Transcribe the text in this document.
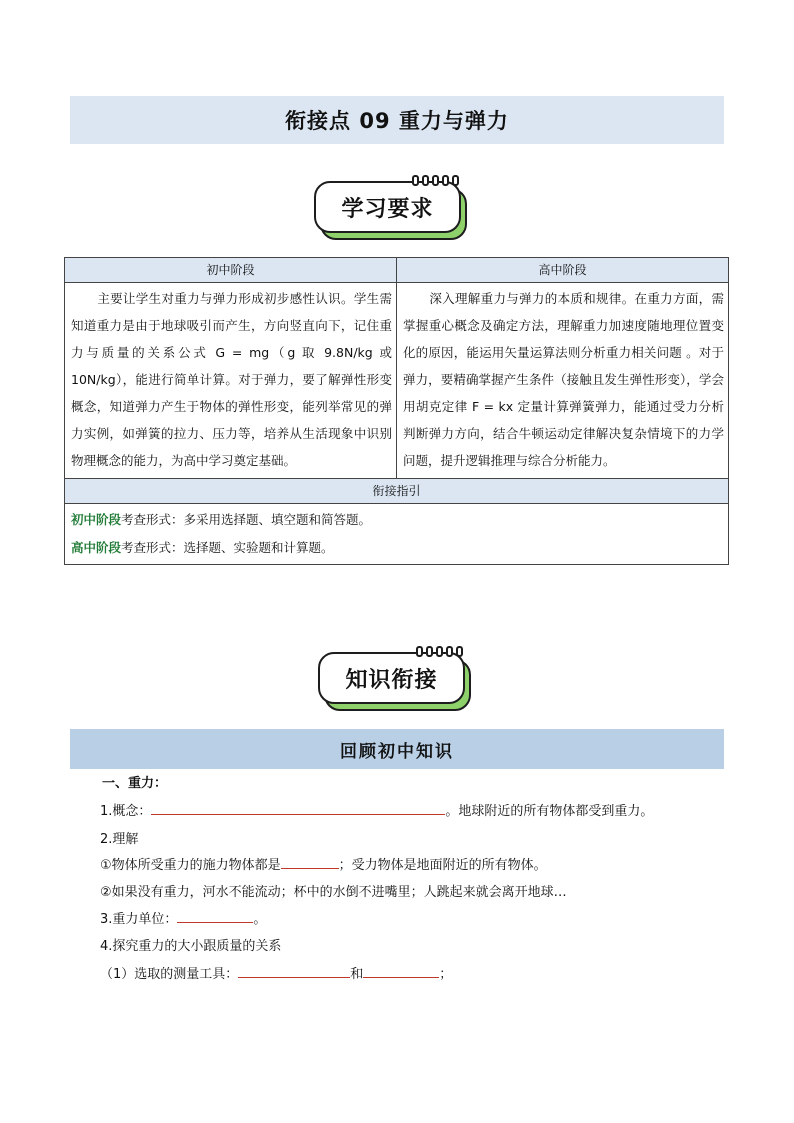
衔接点 09 重力与弹力
学习要求
初中阶段	高中阶段
主要让学生对重力与弹力形成初步感性认识。学生需知道重力是由于地球吸引而产生，方向竖直向下，记住重力与质量的关系公式 G = mg（g 取 9.8N/kg 或 10N/kg），能进行简单计算。对于弹力，要了解弹性形变概念，知道弹力产生于物体的弹性形变，能列举常见的弹力实例，如弹簧的拉力、压力等，培养从生活现象中识别物理概念的能力，为高中学习奠定基础。	深入理解重力与弹力的本质和规律。在重力方面，需掌握重心概念及确定方法，理解重力加速度随地理位置变化的原因，能运用矢量运算法则分析重力相关问题 。对于弹力，要精确掌握产生条件（接触且发生弹性形变），学会用胡克定律 F = kx 定量计算弹簧弹力，能通过受力分析判断弹力方向，结合牛顿运动定律解决复杂情境下的力学问题，提升逻辑推理与综合分析能力。
衔接指引	

初中阶段考查形式：多采用选择题、填空题和简答题。
高中阶段考查形式：选择题、实验题和计算题。	
知识衔接
回顾初中知识
一、重力：
1.概念：	。地球附近的所有物体都受到重力。
2.理解
①物体所受重力的施力物体都是	；受力物体是地面附近的所有物体。
②如果没有重力，河水不能流动；杯中的水倒不进嘴里；人跳起来就会离开地球…
3.重力单位：	。
4.探究重力的大小跟质量的关系
（1）选取的测量工具：	和	；
